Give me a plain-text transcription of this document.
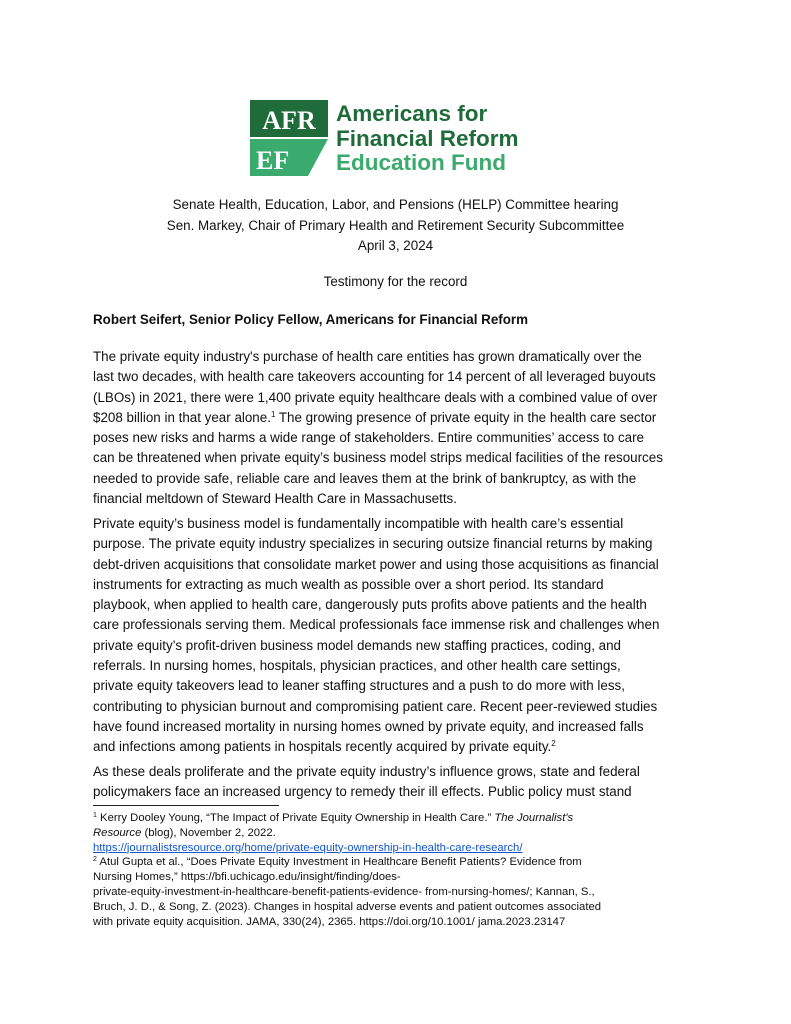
AFR
EF
Americans for
Financial Reform
Education Fund
Senate Health, Education, Labor, and Pensions (HELP) Committee hearing
Sen. Markey, Chair of Primary Health and Retirement Security Subcommittee
April 3, 2024
Testimony for the record
Robert Seifert, Senior Policy Fellow, Americans for Financial Reform

The private equity industry's purchase of health care entities has grown dramatically over the
last two decades, with health care takeovers accounting for 14 percent of all leveraged buyouts
(LBOs) in 2021, there were 1,400 private equity healthcare deals with a combined value of over
$208 billion in that year alone.$^1$ The growing presence of private equity in the health care sector
poses new risks and harms a wide range of stakeholders. Entire communities’ access to care
can be threatened when private equity’s business model strips medical facilities of the resources
needed to provide safe, reliable care and leaves them at the brink of bankruptcy, as with the
financial meltdown of Steward Health Care in Massachusetts.

Private equity’s business model is fundamentally incompatible with health care’s essential
purpose. The private equity industry specializes in securing outsize financial returns by making
debt-driven acquisitions that consolidate market power and using those acquisitions as financial
instruments for extracting as much wealth as possible over a short period. Its standard
playbook, when applied to health care, dangerously puts profits above patients and the health
care professionals serving them. Medical professionals face immense risk and challenges when
private equity’s profit-driven business model demands new staffing practices, coding, and
referrals. In nursing homes, hospitals, physician practices, and other health care settings,
private equity takeovers lead to leaner staffing structures and a push to do more with less,
contributing to physician burnout and compromising patient care. Recent peer-reviewed studies
have found increased mortality in nursing homes owned by private equity, and increased falls
and infections among patients in hospitals recently acquired by private equity.$^2$

As these deals proliferate and the private equity industry’s influence grows, state and federal
policymakers face an increased urgency to remedy their ill effects. Public policy must stand

$^1$ Kerry Dooley Young, “The Impact of Private Equity Ownership in Health Care.” The Journalist's
Resource (blog), November 2, 2022.
https://journalistsresource.org/home/private-equity-ownership-in-health-care-research/
$^2$ Atul Gupta et al., “Does Private Equity Investment in Healthcare Benefit Patients? Evidence from
Nursing Homes,” https://bfi.uchicago.edu/insight/finding/does-
private-equity-investment-in-healthcare-benefit-patients-evidence- from-nursing-homes/; Kannan, S.,
Bruch, J. D., & Song, Z. (2023). Changes in hospital adverse events and patient outcomes associated
with private equity acquisition. JAMA, 330(24), 2365. https://doi.org/10.1001/ jama.2023.23147
